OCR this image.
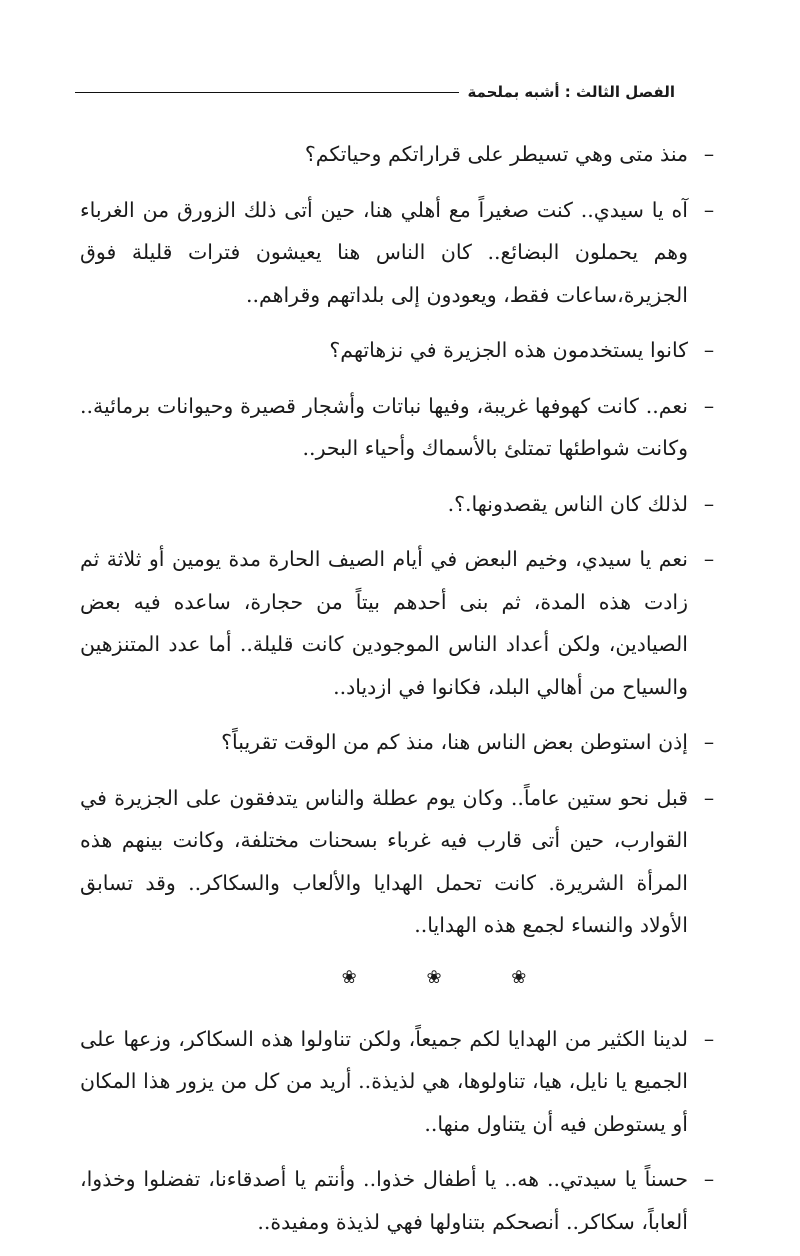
الفصل الثالث : أشبه بملحمة
–
منذ متى وهي تسيطر على قراراتكم وحياتكم؟
–
آه يا سيدي.. كنت صغيراً مع أهلي هنا، حين أتى ذلك الزورق من الغرباء وهم يحملون البضائع.. كان الناس هنا يعيشون فترات قليلة فوق الجزيرة،ساعات فقط، ويعودون إلى بلداتهم وقراهم..
–
كانوا يستخدمون هذه الجزيرة في نزهاتهم؟
–
نعم.. كانت كهوفها غريبة، وفيها نباتات وأشجار قصيرة وحيوانات برمائية.. وكانت شواطئها تمتلئ بالأسماك وأحياء البحر..
–
لذلك كان الناس يقصدونها.؟.
–
نعم يا سيدي، وخيم البعض في أيام الصيف الحارة مدة يومين أو ثلاثة ثم زادت هذه المدة، ثم بنى أحدهم بيتاً من حجارة، ساعده فيه بعض الصيادين، ولكن أعداد الناس الموجودين كانت قليلة.. أما عدد المتنزهين والسياح من أهالي البلد، فكانوا في ازدياد..
–
إذن استوطن بعض الناس هنا، منذ كم من الوقت تقريباً؟
–
قبل نحو ستين عاماً.. وكان يوم عطلة والناس يتدفقون على الجزيرة في القوارب، حين أتى قارب فيه غرباء بسحنات مختلفة، وكانت بينهم هذه المرأة الشريرة. كانت تحمل الهدايا والألعاب والسكاكر.. وقد تسابق الأولاد والنساء لجمع هذه الهدايا..
❀ ❀ ❀
–
لدينا الكثير من الهدايا لكم جميعاً، ولكن تناولوا هذه السكاكر، وزعها على الجميع يا نايل، هيا، تناولوها، هي لذيذة.. أريد من كل من يزور هذا المكان أو يستوطن فيه أن يتناول منها..
–
حسناً يا سيدتي.. هه.. يا أطفال خذوا.. وأنتم يا أصدقاءنا، تفضلوا وخذوا، ألعاباً، سكاكر.. أنصحكم بتناولها فهي لذيذة ومفيدة..
